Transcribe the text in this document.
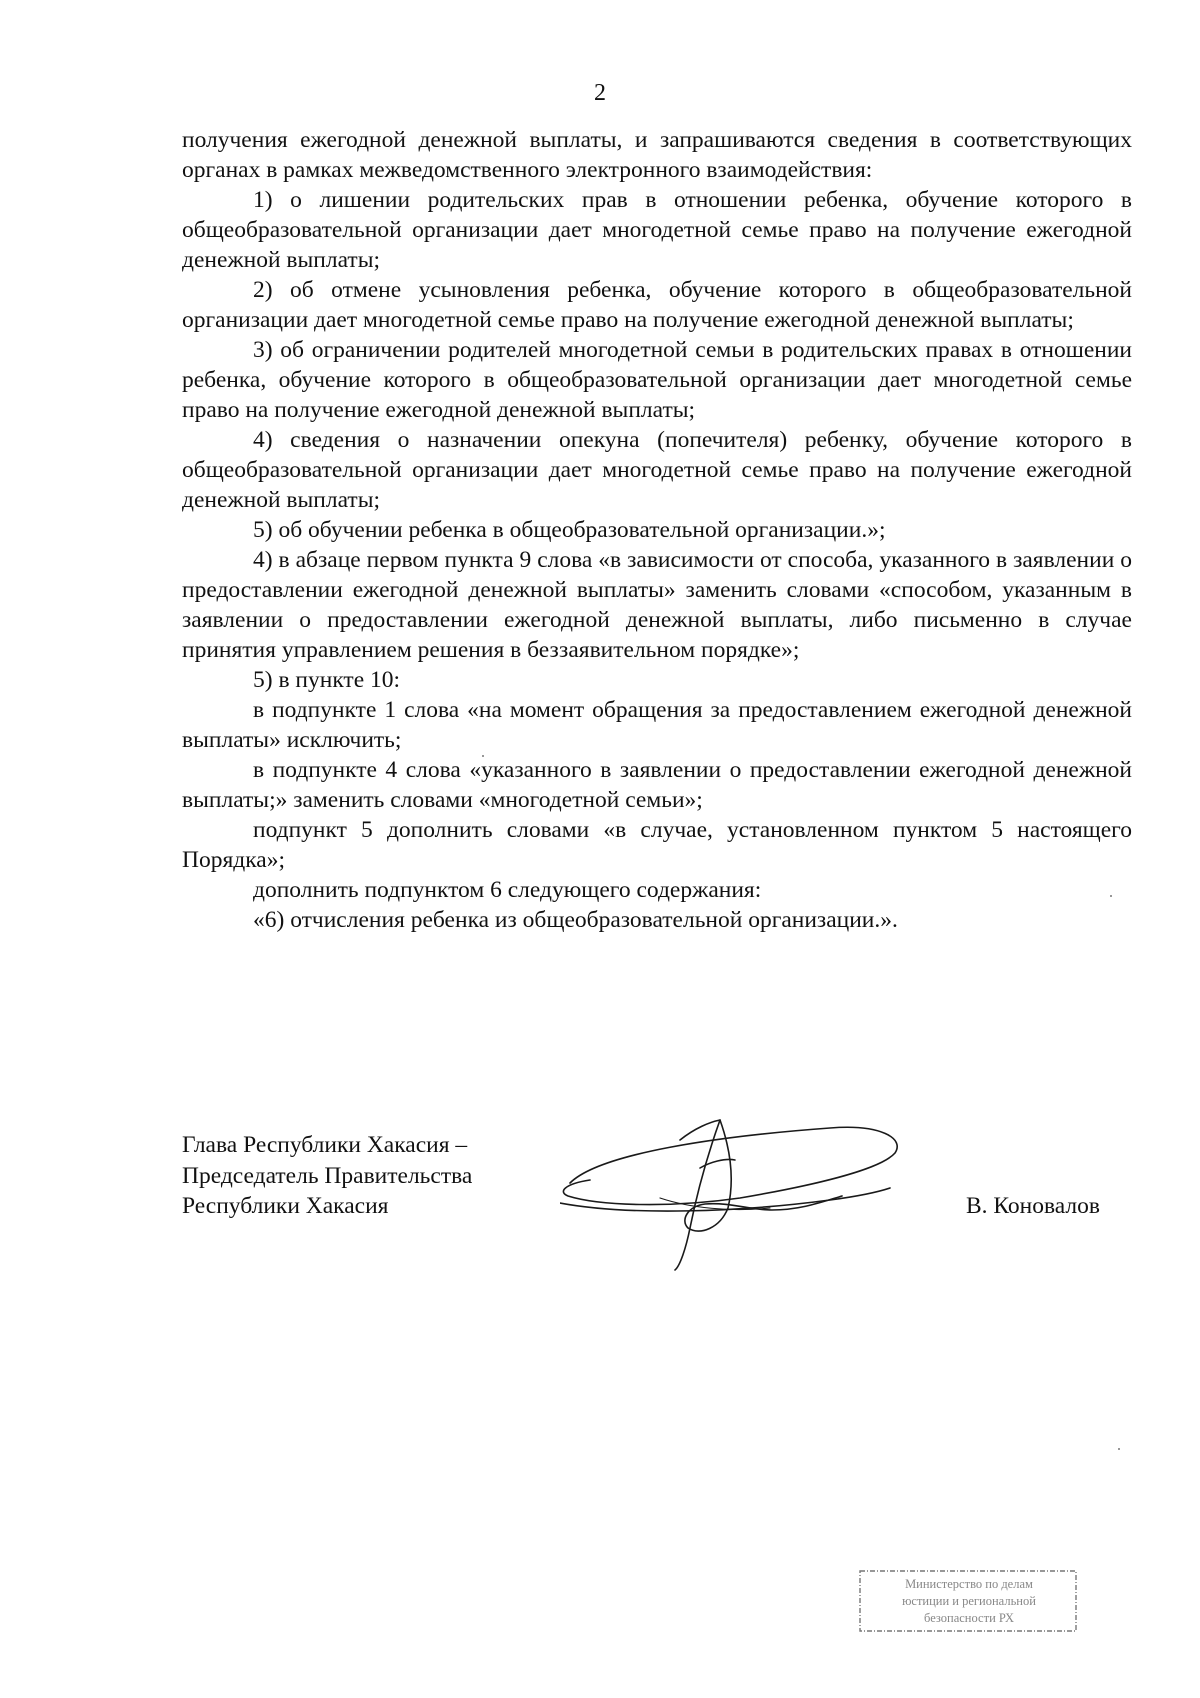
2

получения ежегодной денежной выплаты, и запрашиваются сведения в соответствующих органах в рамках межведомственного электронного взаимодействия:

1) о лишении родительских прав в отношении ребенка, обучение которого в общеобразовательной организации дает многодетной семье право на получение ежегодной денежной выплаты;

2) об отмене усыновления ребенка, обучение которого в общеобразовательной организации дает многодетной семье право на получение ежегодной денежной выплаты;

3) об ограничении родителей многодетной семьи в родительских правах в отношении ребенка, обучение которого в общеобразовательной организации дает многодетной семье право на получение ежегодной денежной выплаты;

4) сведения о назначении опекуна (попечителя) ребенку, обучение которого в общеобразовательной организации дает многодетной семье право на получение ежегодной денежной выплаты;

5) об обучении ребенка в общеобразовательной организации.»;

4) в абзаце первом пункта 9 слова «в зависимости от способа, указанного в заявлении о предоставлении ежегодной денежной выплаты» заменить словами «способом, указанным в заявлении о предоставлении ежегодной денежной выплаты, либо письменно в случае принятия управлением решения в беззаявительном порядке»;

5) в пункте 10:

в подпункте 1 слова «на момент обращения за предоставлением ежегодной денежной выплаты» исключить;

в подпункте 4 слова «указанного в заявлении о предоставлении ежегодной денежной выплаты;» заменить словами «многодетной семьи»;

подпункт 5 дополнить словами «в случае, установленном пунктом 5 настоящего Порядка»;

дополнить подпунктом 6 следующего содержания:

«6) отчисления ребенка из общеобразовательной организации.».

Глава Республики Хакасия –
Председатель Правительства
Республики Хакасия	В. Коновалов
Министерство по делам
юстиции и региональной
безопасности РХ
